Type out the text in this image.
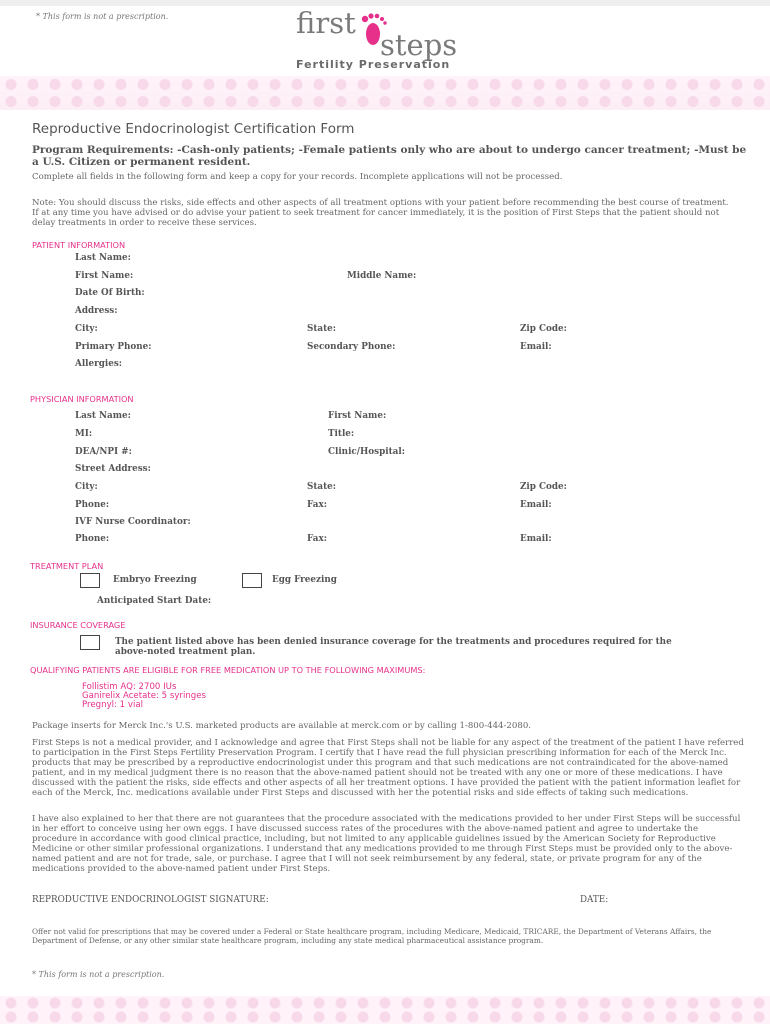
* This form is not a prescription.	first
steps
Fertility Preservation
Reproductive Endocrinologist Certification Form
Program Requirements: -Cash-only patients; -Female patients only who are about to undergo cancer treatment; -Must be a U.S. Citizen or permanent resident.
Complete all fields in the following form and keep a copy for your records. Incomplete applications will not be processed.
Note: You should discuss the risks, side effects and other aspects of all treatment options with your patient before recommending the best course of treatment. If at any time you have advised or do advise your patient to seek treatment for cancer immediately, it is the position of First Steps that the patient should not delay treatments in order to receive these services.
PATIENT INFORMATION
Last Name:
First Name:	Middle Name:
Date Of Birth:
Address:
City:	State:	Zip Code:
Primary Phone:	Secondary Phone:	Email:
Allergies:
PHYSICIAN INFORMATION
Last Name:	First Name:
MI:	Title:
DEA/NPI #:	Clinic/Hospital:
Street Address:
City:	State:	Zip Code:
Phone:	Fax:	Email:
IVF Nurse Coordinator:
Phone:	Fax:	Email:
TREATMENT PLAN
Embryo Freezing	Egg Freezing
Anticipated Start Date:
INSURANCE COVERAGE
The patient listed above has been denied insurance coverage for the treatments and procedures required for the above-noted treatment plan.
QUALIFYING PATIENTS ARE ELIGIBLE FOR FREE MEDICATION UP TO THE FOLLOWING MAXIMUMS:
Follistim AQ: 2700 IUs
Ganirelix Acetate: 5 syringes
Pregnyl: 1 vial
Package inserts for Merck Inc.'s U.S. marketed products are available at merck.com or by calling 1-800-444-2080.
First Steps is not a medical provider, and I acknowledge and agree that First Steps shall not be liable for any aspect of the treatment of the patient I have referred to participation in the First Steps Fertility Preservation Program. I certify that I have read the full physician prescribing information for each of the Merck Inc. products that may be prescribed by a reproductive endocrinologist under this program and that such medications are not contraindicated for the above-named patient, and in my medical judgment there is no reason that the above-named patient should not be treated with any one or more of these medications. I have discussed with the patient the risks, side effects and other aspects of all her treatment options. I have provided the patient with the patient information leaflet for each of the Merck, Inc. medications available under First Steps and discussed with her the potential risks and side effects of taking such medications.
I have also explained to her that there are not guarantees that the procedure associated with the medications provided to her under First Steps will be successful in her effort to conceive using her own eggs. I have discussed success rates of the procedures with the above-named patient and agree to undertake the procedure in accordance with good clinical practice, including, but not limited to any applicable guidelines issued by the American Society for Reproductive Medicine or other similar professional organizations. I understand that any medications provided to me through First Steps must be provided only to the above-named patient and are not for trade, sale, or purchase. I agree that I will not seek reimbursement by any federal, state, or private program for any of the medications provided to the above-named patient under First Steps.
REPRODUCTIVE ENDOCRINOLOGIST SIGNATURE:	DATE:
Offer not valid for prescriptions that may be covered under a Federal or State healthcare program, including Medicare, Medicaid, TRICARE, the Department of Veterans Affairs, the Department of Defense, or any other similar state healthcare program, including any state medical pharmaceutical assistance program.
* This form is not a prescription.
